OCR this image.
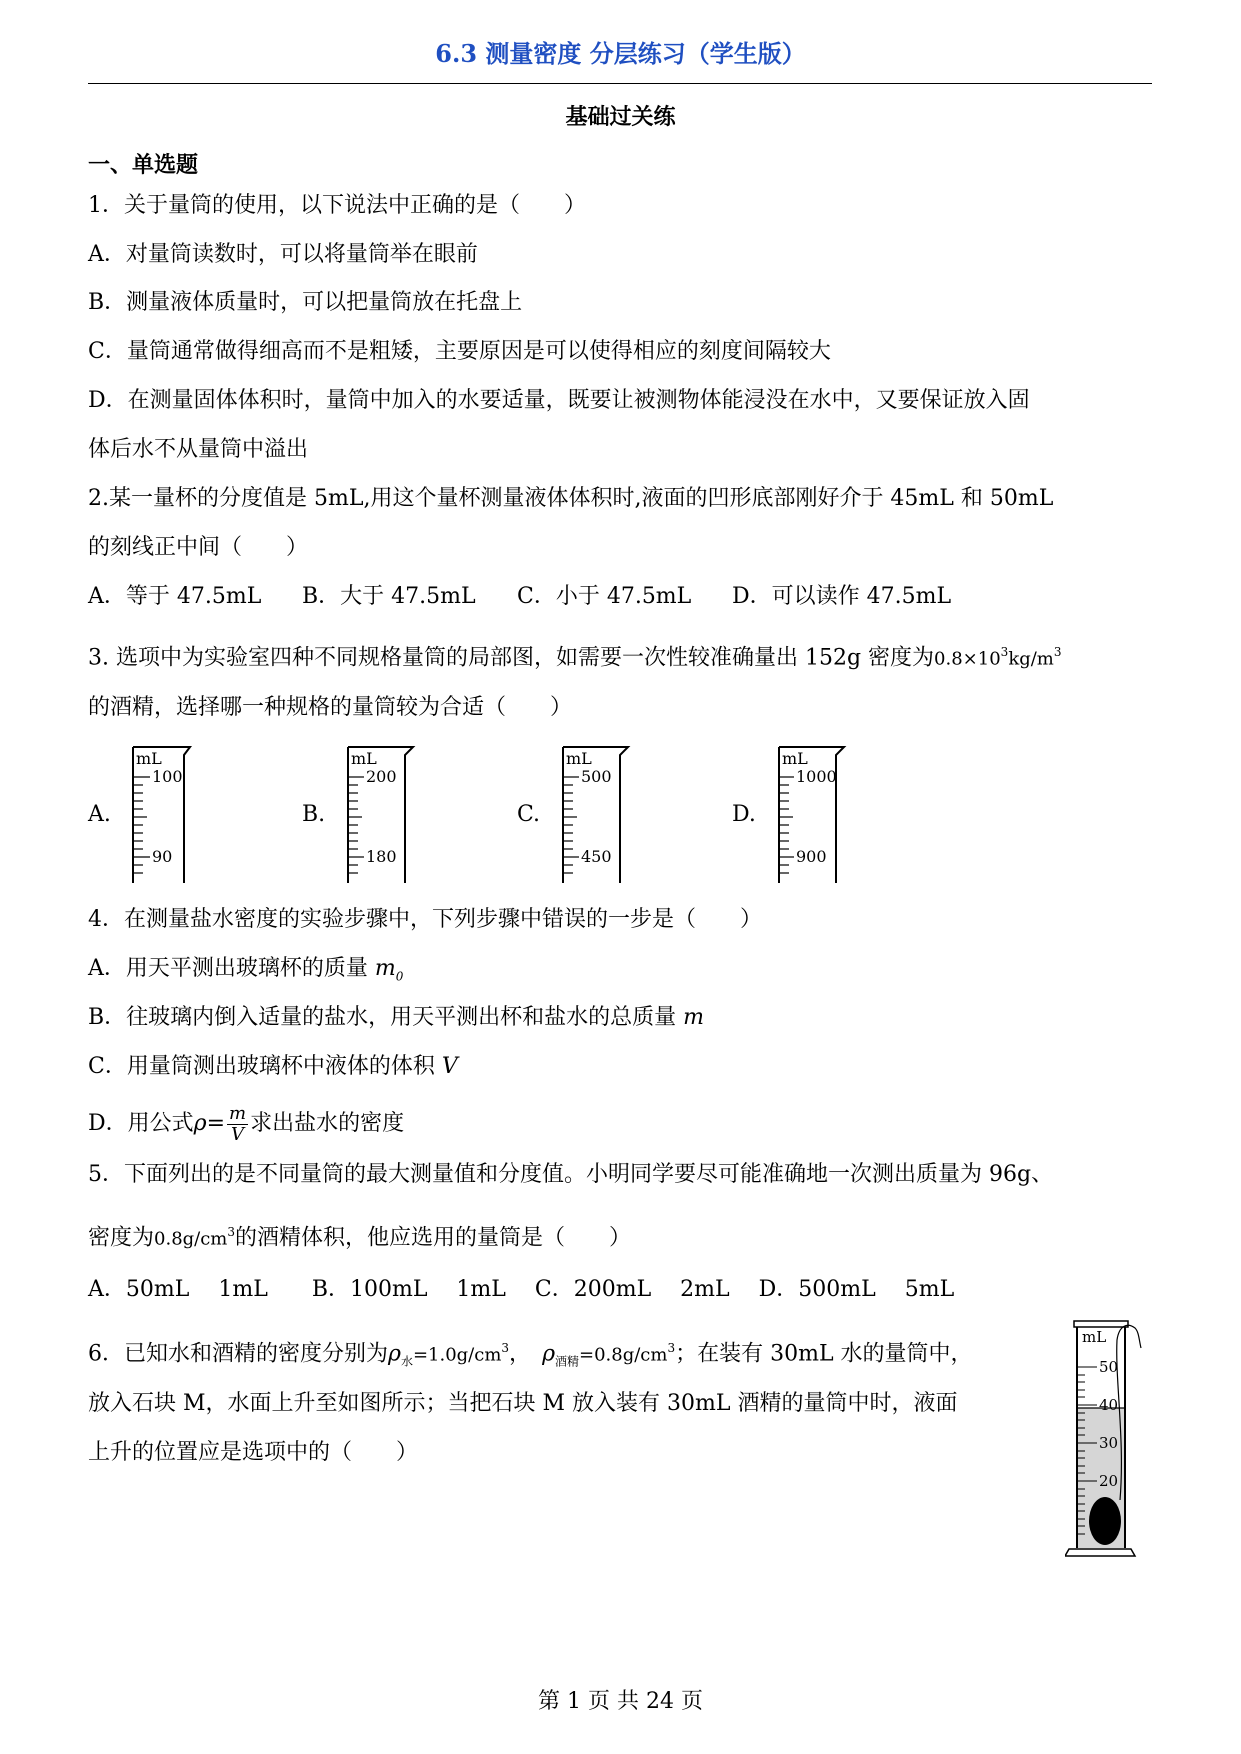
6.3 测量密度 分层练习（学生版）
基础过关练
一、单选题
1．关于量筒的使用，以下说法中正确的是（　　）
A．对量筒读数时，可以将量筒举在眼前
B．测量液体质量时，可以把量筒放在托盘上
C．量筒通常做得细高而不是粗矮，主要原因是可以使得相应的刻度间隔较大
D．在测量固体体积时，量筒中加入的水要适量，既要让被测物体能浸没在水中，又要保证放入固
体后水不从量筒中溢出
2.某一量杯的分度值是 5mL,用这个量杯测量液体体积时,液面的凹形底部刚好介于 45mL 和 50mL
的刻线正中间（　　）
A．等于 47.5mL B．大于 47.5mL C．小于 47.5mL D．可以读作 47.5mL
3. 选项中为实验室四种不同规格量筒的局部图，如需要一次性较准确量出 152g 密度为$0.8\times 10^3kg/m^3$
的酒精，选择哪一种规格的量筒较为合适（　　）
A.
mL
100
90
B.
mL
200
180
C.
mL
500
450
D.
mL
1000
900
4．在测量盐水密度的实验步骤中，下列步骤中错误的一步是（　　）
A．用天平测出玻璃杯的质量 $m_0$
B．往玻璃内倒入适量的盐水，用天平测出杯和盐水的总质量 m
C．用量筒测出玻璃杯中液体的体积 V
D．用公式$\rho= \frac{m}{V}$ 求出盐水的密度
5．下面列出的是不同量筒的最大测量值和分度值。小明同学要尽可能准确地一次测出质量为 96g、
密度为$0.8g/cm^3$的酒精体积，他应选用的量筒是（　　）
A．50mL　 1mL　　B．100mL　 1mL　 C．200mL　 2mL　 D．500mL　 5mL
6．已知水和酒精的密度分别为$\rho_水=1.0g/cm^3$，　$\rho_{酒精}=0.8g/cm^3$；在装有 30mL 水的量筒中，
放入石块 M，水面上升至如图所示；当把石块 M 放入装有 30mL 酒精的量筒中时，液面
上升的位置应是选项中的（　　）
mL
50
40
30
20
第 1 页 共 24 页
